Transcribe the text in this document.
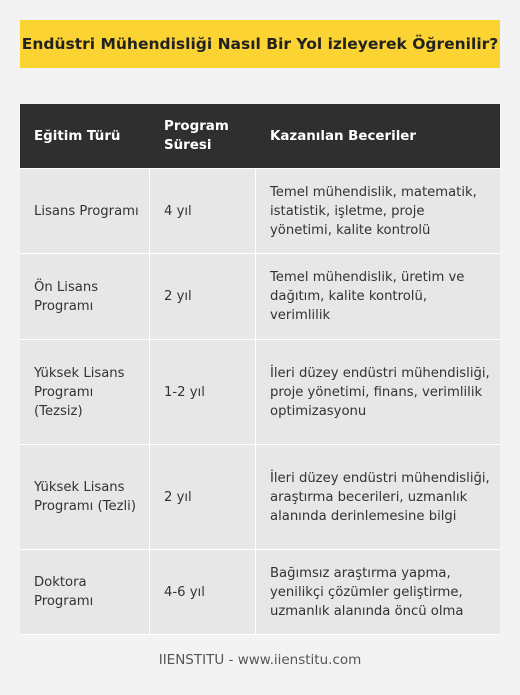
Endüstri Mühendisliği Nasıl Bir Yol izleyerek Öğrenilir?
Eğitim Türü
Program Süresi
Kazanılan Beceriler
Lisans Programı	4 yıl
Temel mühendislik, matematik, istatistik, işletme, proje yönetimi, kalite kontrolü
Ön Lisans Programı
2 yıl
Temel mühendislik, üretim ve dağıtım, kalite kontrolü, verimlilik
Yüksek Lisans Programı (Tezsiz)
1-2 yıl
İleri düzey endüstri mühendisliği, proje yönetimi, finans, verimlilik optimizasyonu
Yüksek Lisans Programı (Tezli)
2 yıl
İleri düzey endüstri mühendisliği, araştırma becerileri, uzmanlık alanında derinlemesine bilgi
Doktora Programı
4-6 yıl
Bağımsız araştırma yapma, yenilikçi çözümler geliştirme, uzmanlık alanında öncü olma
IIENSTITU - www.iienstitu.com
